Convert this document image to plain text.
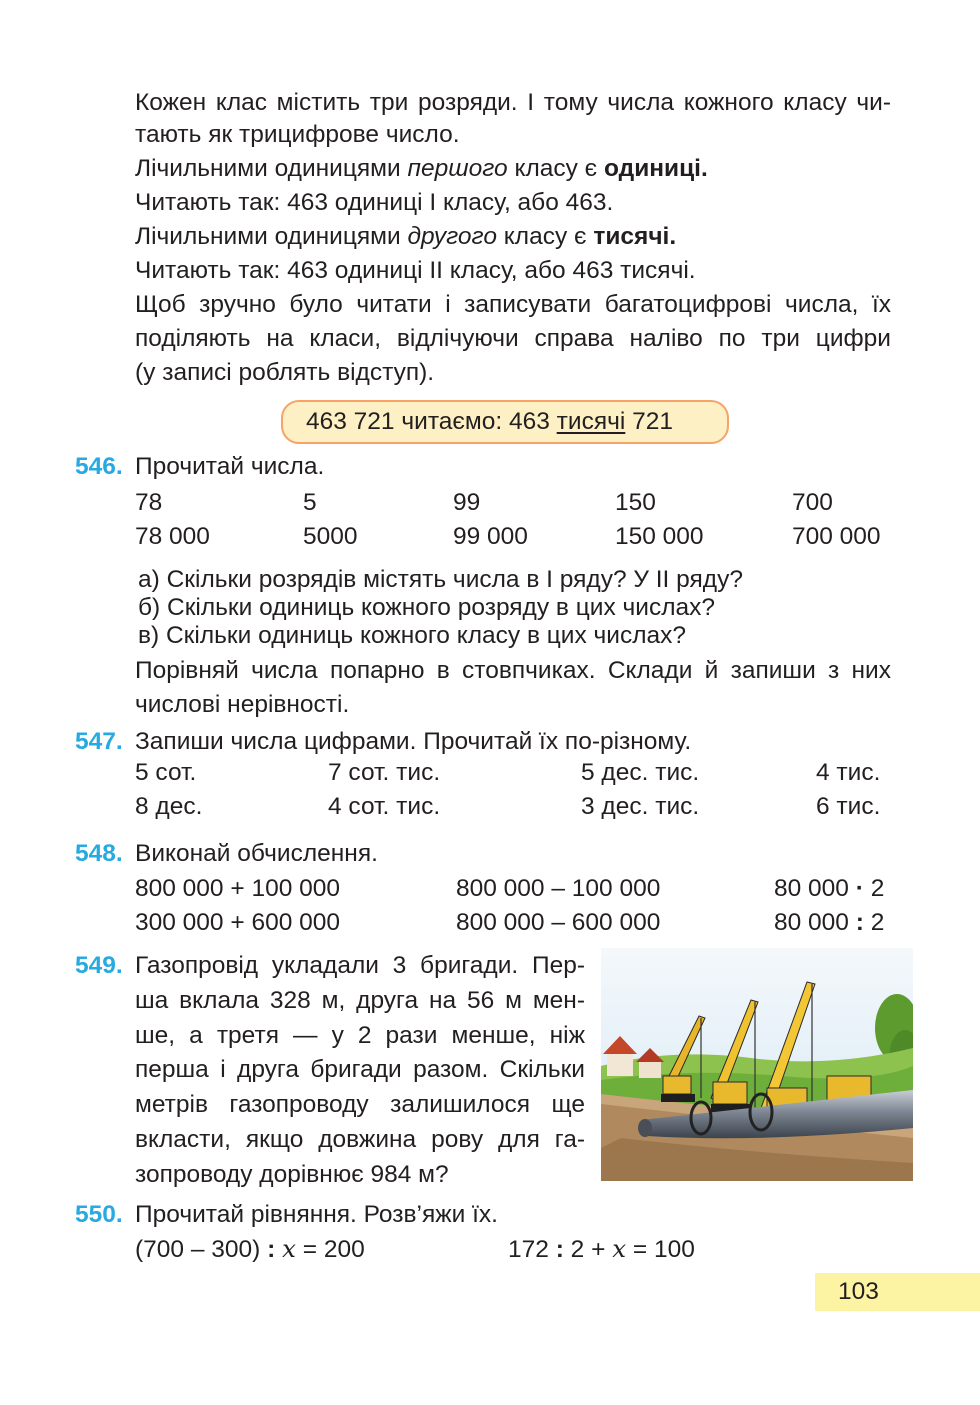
Кожен клас містить три розряди. І тому числа кожного класу чи-
тають як трицифрове число.
Лічильними одиницями першого класу є одиниці.
Читають так: 463 одиниці І класу, або 463.
Лічильними одиницями другого класу є тисячі.
Читають так: 463 одиниці ІІ класу, або 463 тисячі.
Щоб зручно було читати і записувати багатоцифрові числа, їх
поділяють на класи, відлічуючи справа наліво по три цифри
(у записі роблять відступ).
463 721 читаємо: 463 тисячі 721
546. Прочитай числа.
78	5	99	150	700
78 000	5000	99 000	150 000	700 000
а) Скільки розрядів містять числа в І ряду? У ІІ ряду?
б) Скільки одиниць кожного розряду в цих числах?
в) Скільки одиниць кожного класу в цих числах?
Порівняй числа попарно в стовпчиках. Склади й запиши з них
числові нерівності.
547. Запиши числа цифрами. Прочитай їх по-різному.
5 сот.	7 сот. тис.	5 дес. тис.	4 тис.
8 дес.	4 сот. тис.	3 дес. тис.	6 тис.
548. Виконай обчислення.
800 000 + 100 000	800 000 – 100 000	80 000 · 2
300 000 + 600 000	800 000 – 600 000	80 000 : 2
549. Газопровід укладали 3 бригади. Пер-
ша вклала 328 м, друга на 56 м мен-
ше, а третя — у 2 рази менше, ніж
перша і друга бригади разом. Скільки
метрів газопроводу залишилося ще
вкласти, якщо довжина рову для га-
зопроводу дорівнює 984 м?
550. Прочитай рівняння. Розв’яжи їх.
(700 – 300) : x = 200	172 : 2 + x = 100
103
